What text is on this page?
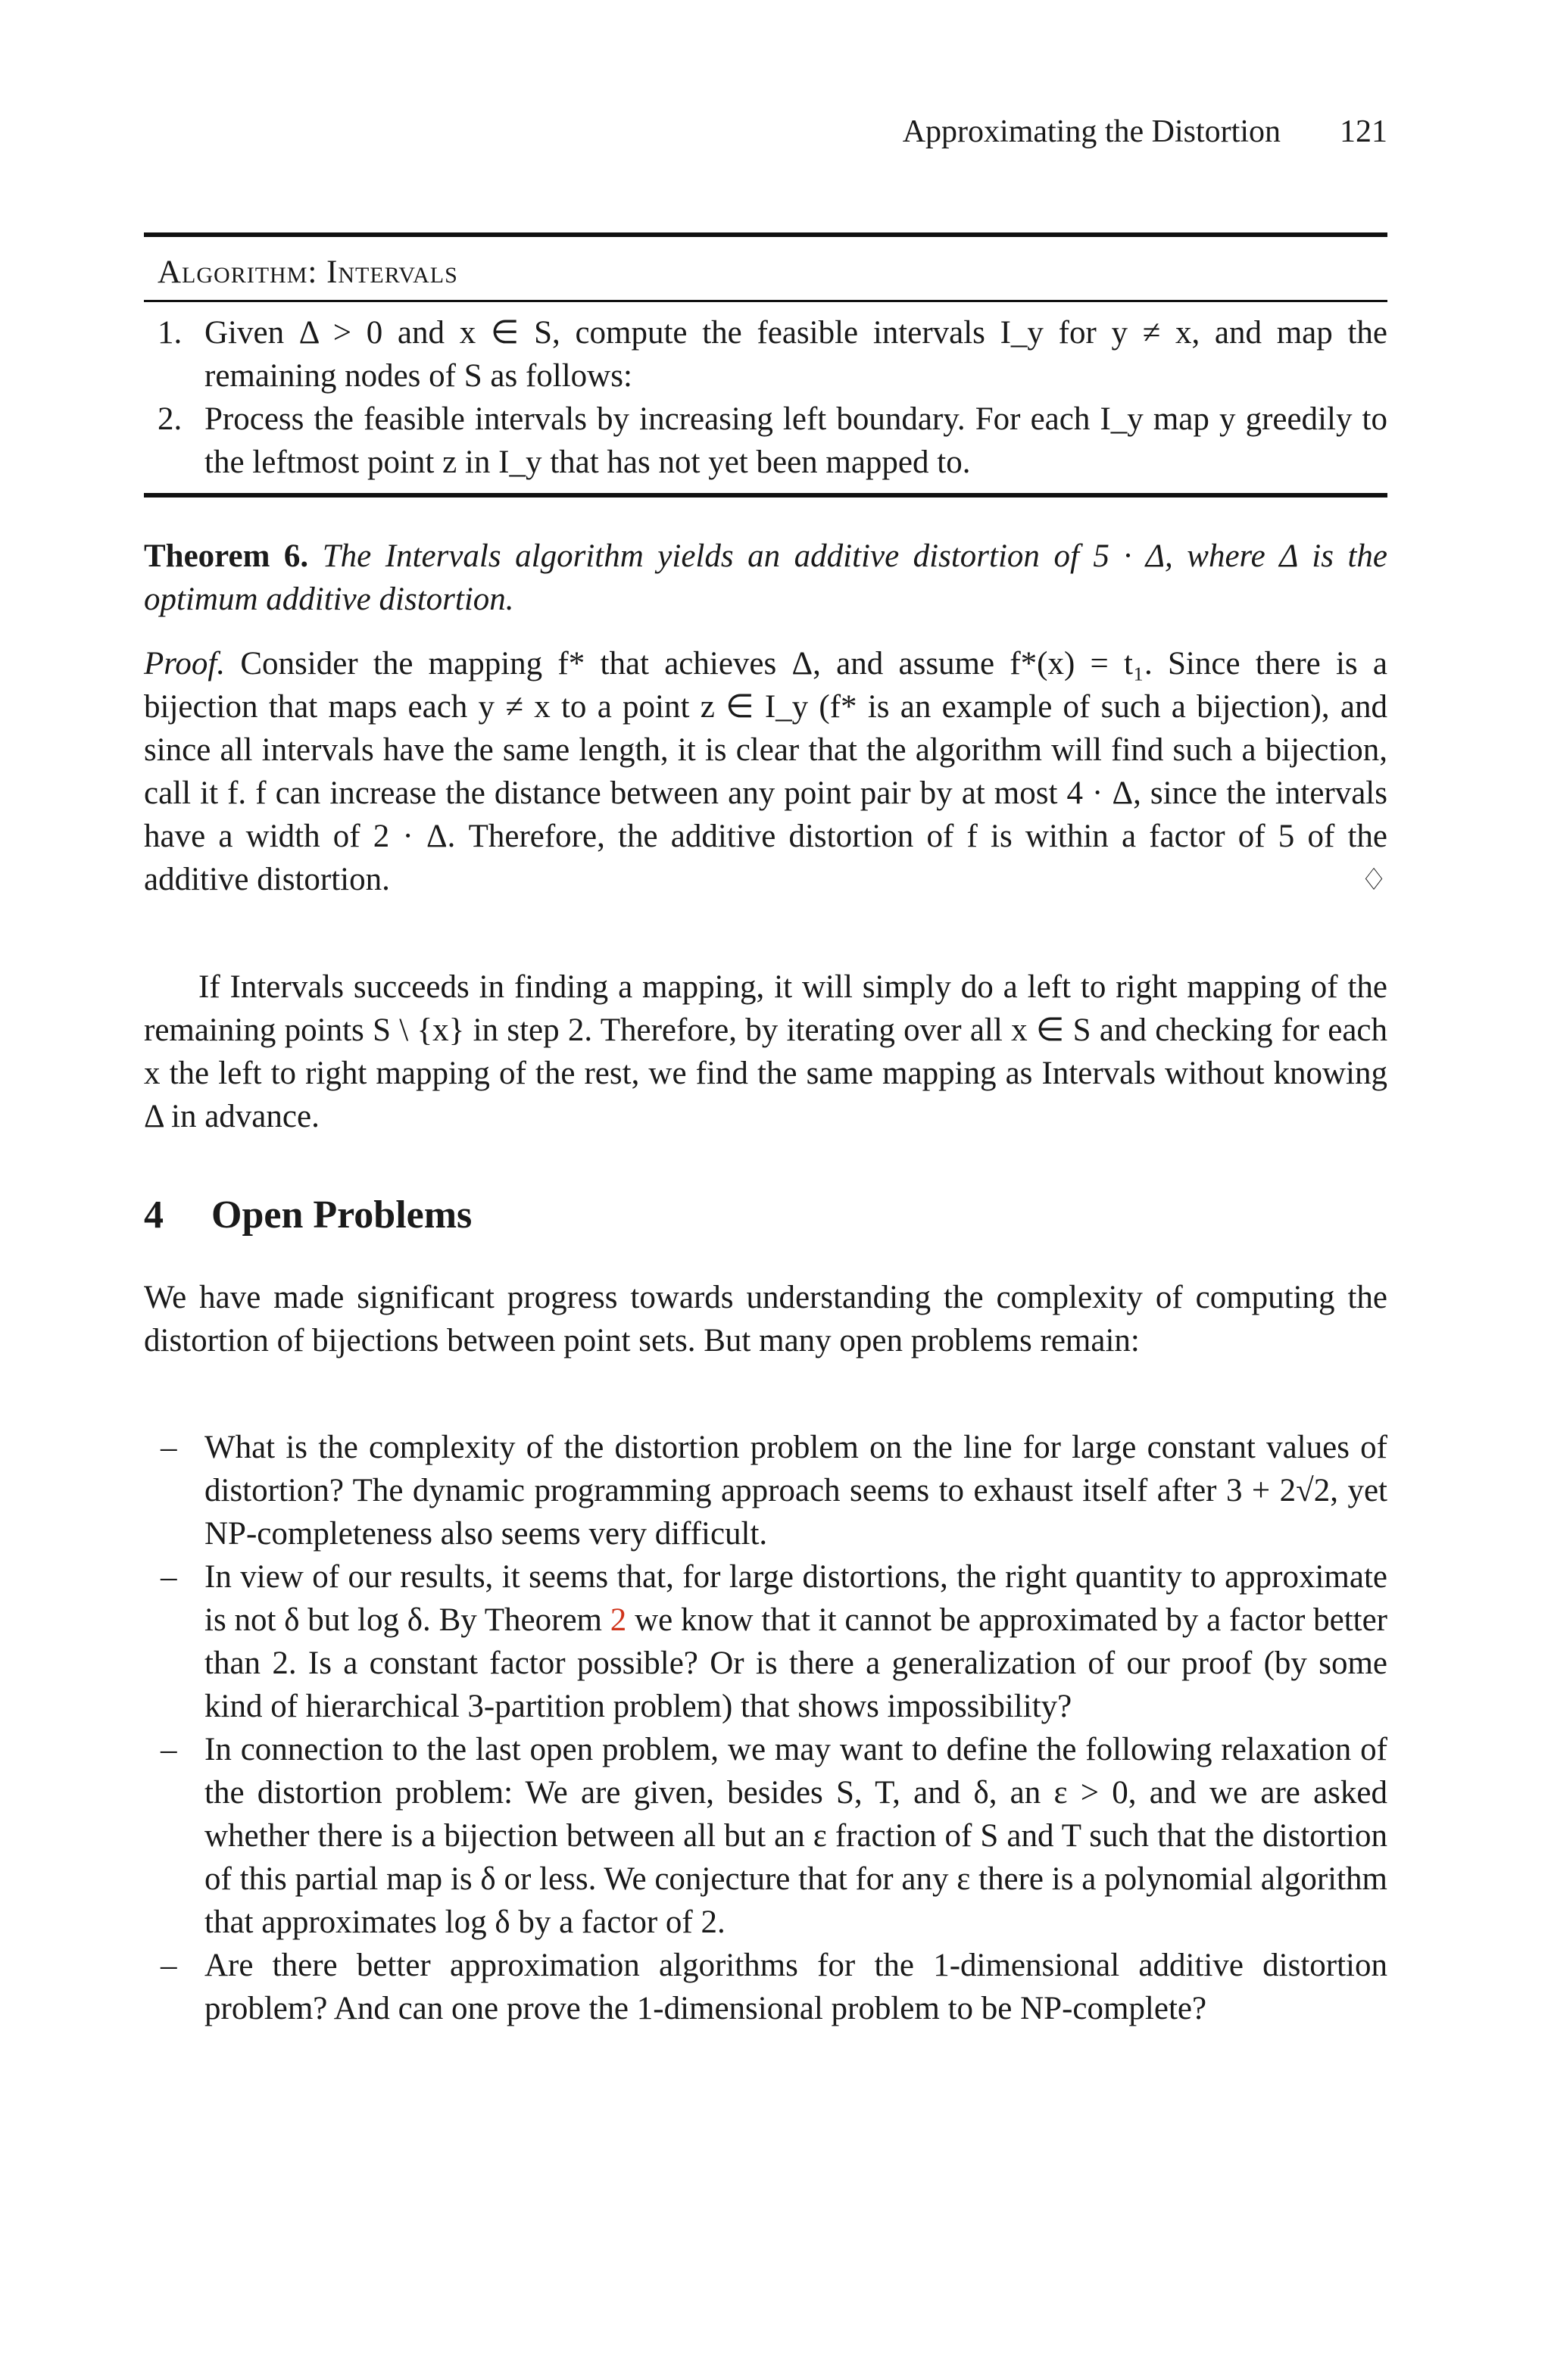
Approximating the Distortion 121
Algorithm: Intervals
1. Given Δ > 0 and x ∈ S, compute the feasible intervals I_y for y ≠ x, and map the remaining nodes of S as follows:
2. Process the feasible intervals by increasing left boundary. For each I_y map y greedily to the leftmost point z in I_y that has not yet been mapped to.
Theorem 6. The Intervals algorithm yields an additive distortion of 5 · Δ, where Δ is the optimum additive distortion.
Proof. Consider the mapping f* that achieves Δ, and assume f*(x) = t₁. Since there is a bijection that maps each y ≠ x to a point z ∈ I_y (f* is an example of such a bijection), and since all intervals have the same length, it is clear that the algorithm will find such a bijection, call it f. f can increase the distance between any point pair by at most 4 · Δ, since the intervals have a width of 2 · Δ. Therefore, the additive distortion of f is within a factor of 5 of the additive distortion.	♢
If Intervals succeeds in finding a mapping, it will simply do a left to right mapping of the remaining points S \ {x} in step 2. Therefore, by iterating over all x ∈ S and checking for each x the left to right mapping of the rest, we find the same mapping as Intervals without knowing Δ in advance.
4 Open Problems
We have made significant progress towards understanding the complexity of computing the distortion of bijections between point sets. But many open problems remain:
– What is the complexity of the distortion problem on the line for large constant values of distortion? The dynamic programming approach seems to exhaust itself after 3 + 2√2, yet NP-completeness also seems very difficult.
– In view of our results, it seems that, for large distortions, the right quantity to approximate is not δ but log δ. By Theorem 2 we know that it cannot be approximated by a factor better than 2. Is a constant factor possible? Or is there a generalization of our proof (by some kind of hierarchical 3-partition problem) that shows impossibility?
– In connection to the last open problem, we may want to define the following relaxation of the distortion problem: We are given, besides S, T, and δ, an ε > 0, and we are asked whether there is a bijection between all but an ε fraction of S and T such that the distortion of this partial map is δ or less. We conjecture that for any ε there is a polynomial algorithm that approximates log δ by a factor of 2.
– Are there better approximation algorithms for the 1-dimensional additive distortion problem? And can one prove the 1-dimensional problem to be NP-complete?
